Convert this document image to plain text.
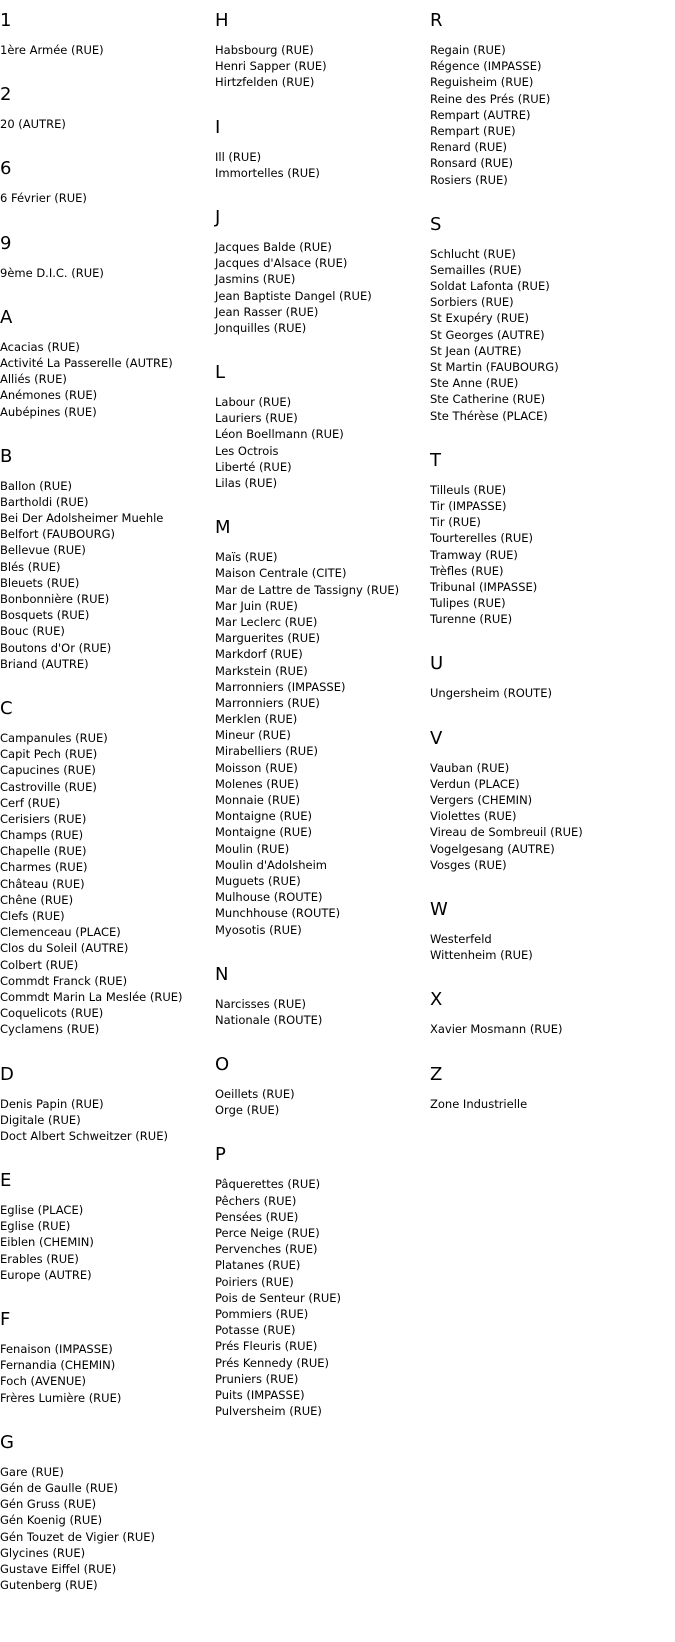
1
1ère Armée (RUE)
2
20 (AUTRE)
6
6 Février (RUE)
9
9ème D.I.C. (RUE)
A
Acacias (RUE)
Activité La Passerelle (AUTRE)
Alliés (RUE)
Anémones (RUE)
Aubépines (RUE)
B
Ballon (RUE)
Bartholdi (RUE)
Bei Der Adolsheimer Muehle
Belfort (FAUBOURG)
Bellevue (RUE)
Blés (RUE)
Bleuets (RUE)
Bonbonnière (RUE)
Bosquets (RUE)
Bouc (RUE)
Boutons d'Or (RUE)
Briand (AUTRE)
C
Campanules (RUE)
Capit Pech (RUE)
Capucines (RUE)
Castroville (RUE)
Cerf (RUE)
Cerisiers (RUE)
Champs (RUE)
Chapelle (RUE)
Charmes (RUE)
Château (RUE)
Chêne (RUE)
Clefs (RUE)
Clemenceau (PLACE)
Clos du Soleil (AUTRE)
Colbert (RUE)
Commdt Franck (RUE)
Commdt Marin La Meslée (RUE)
Coquelicots (RUE)
Cyclamens (RUE)
D
Denis Papin (RUE)
Digitale (RUE)
Doct Albert Schweitzer (RUE)
E
Eglise (PLACE)
Eglise (RUE)
Eiblen (CHEMIN)
Erables (RUE)
Europe (AUTRE)
F
Fenaison (IMPASSE)
Fernandia (CHEMIN)
Foch (AVENUE)
Frères Lumière (RUE)
G
Gare (RUE)
Gén de Gaulle (RUE)
Gén Gruss (RUE)
Gén Koenig (RUE)
Gén Touzet de Vigier (RUE)
Glycines (RUE)
Gustave Eiffel (RUE)
Gutenberg (RUE)
H
Habsbourg (RUE)
Henri Sapper (RUE)
Hirtzfelden (RUE)
I
Ill (RUE)
Immortelles (RUE)
J
Jacques Balde (RUE)
Jacques d'Alsace (RUE)
Jasmins (RUE)
Jean Baptiste Dangel (RUE)
Jean Rasser (RUE)
Jonquilles (RUE)
L
Labour (RUE)
Lauriers (RUE)
Léon Boellmann (RUE)
Les Octrois
Liberté (RUE)
Lilas (RUE)
M
Maïs (RUE)
Maison Centrale (CITE)
Mar de Lattre de Tassigny (RUE)
Mar Juin (RUE)
Mar Leclerc (RUE)
Marguerites (RUE)
Markdorf (RUE)
Markstein (RUE)
Marronniers (IMPASSE)
Marronniers (RUE)
Merklen (RUE)
Mineur (RUE)
Mirabelliers (RUE)
Moisson (RUE)
Molenes (RUE)
Monnaie (RUE)
Montaigne (RUE)
Montaigne (RUE)
Moulin (RUE)
Moulin d'Adolsheim
Muguets (RUE)
Mulhouse (ROUTE)
Munchhouse (ROUTE)
Myosotis (RUE)
N
Narcisses (RUE)
Nationale (ROUTE)
O
Oeillets (RUE)
Orge (RUE)
P
Pâquerettes (RUE)
Pêchers (RUE)
Pensées (RUE)
Perce Neige (RUE)
Pervenches (RUE)
Platanes (RUE)
Poiriers (RUE)
Pois de Senteur (RUE)
Pommiers (RUE)
Potasse (RUE)
Prés Fleuris (RUE)
Prés Kennedy (RUE)
Pruniers (RUE)
Puits (IMPASSE)
Pulversheim (RUE)
R
Regain (RUE)
Régence (IMPASSE)
Reguisheim (RUE)
Reine des Prés (RUE)
Rempart (AUTRE)
Rempart (RUE)
Renard (RUE)
Ronsard (RUE)
Rosiers (RUE)
S
Schlucht (RUE)
Semailles (RUE)
Soldat Lafonta (RUE)
Sorbiers (RUE)
St Exupéry (RUE)
St Georges (AUTRE)
St Jean (AUTRE)
St Martin (FAUBOURG)
Ste Anne (RUE)
Ste Catherine (RUE)
Ste Thérèse (PLACE)
T
Tilleuls (RUE)
Tir (IMPASSE)
Tir (RUE)
Tourterelles (RUE)
Tramway (RUE)
Trèfles (RUE)
Tribunal (IMPASSE)
Tulipes (RUE)
Turenne (RUE)
U
Ungersheim (ROUTE)
V
Vauban (RUE)
Verdun (PLACE)
Vergers (CHEMIN)
Violettes (RUE)
Vireau de Sombreuil (RUE)
Vogelgesang (AUTRE)
Vosges (RUE)
W
Westerfeld
Wittenheim (RUE)
X
Xavier Mosmann (RUE)
Z
Zone Industrielle
